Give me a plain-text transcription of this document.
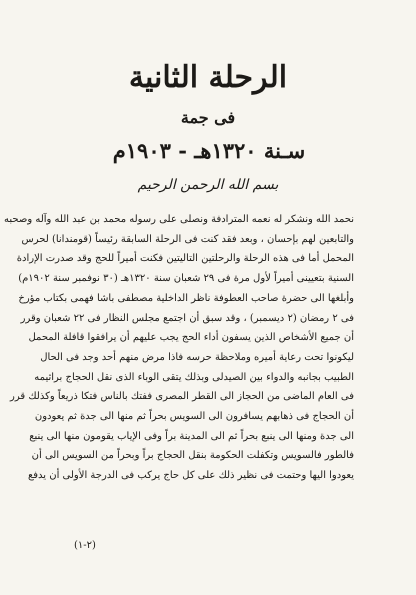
الرحلة الثانية
فى جمة
سـنة ١٣٢٠هـ - ١٩٠٣م
بسم الله الرحمن الرحيم
نحمد الله ونشكر له نعمه المترادفة ونصلى على رسوله محمد بن عبد الله وآله وصحبه
والتابعين لهم بإحسان ، وبعد فقد كنت فى الرحلة السابقة رئيساً (قومندانا) لحرس
المحمل أما فى هذه الرحلة والرحلتين التاليتين فكنت أميراً للحج وقد صدرت الإرادة
السنية بتعيينى أميراً لأول مرة فى ٢٩ شعبان سنة ١٣٢٠هـ (٣٠ نوفمبر سنة ١٩٠٢م)
وأبلغها الى حضرة صاحب العطوفة ناظر الداخلية مصطفى باشا فهمى بكتاب مؤرخ
فى ٢ رمضان (٢ ديسمبر) ، وقد سبق أن اجتمع مجلس النظار فى ٢٢ شعبان وقرر
أن جميع الأشخاص الذين يسفون أداء الحج يجب عليهم أن يرافقوا قافلة المحمل
ليكونوا تحت رعاية أميره وملاحظة حرسه فاذا مرض منهم أحد وجد فى الحال
الطبيب بجانبه والدواء بين الصيدلى وبذلك يتقى الوباء الذى نقل الحجاج براثيمه
فى العام الماضى من الحجاز الى القطر المصرى ففتك بالناس فتكا ذريعاً وكذلك قرر
أن الحجاج فى ذهابهم يسافرون الى السويس بحراً ثم منها الى جدة ثم يعودون
الى جدة ومنها الى ينبع بحراً ثم الى المدينة براً وفى الإياب يقومون منها الى ينبع
فالطور فالسويس وتكفلت الحكومة بنقل الحجاج براً وبحراً من السويس الى أن
يعودوا اليها وحتمت فى نظير ذلك على كل حاج يركب فى الدرجة الأولى أن يدفع
(٢-١)
